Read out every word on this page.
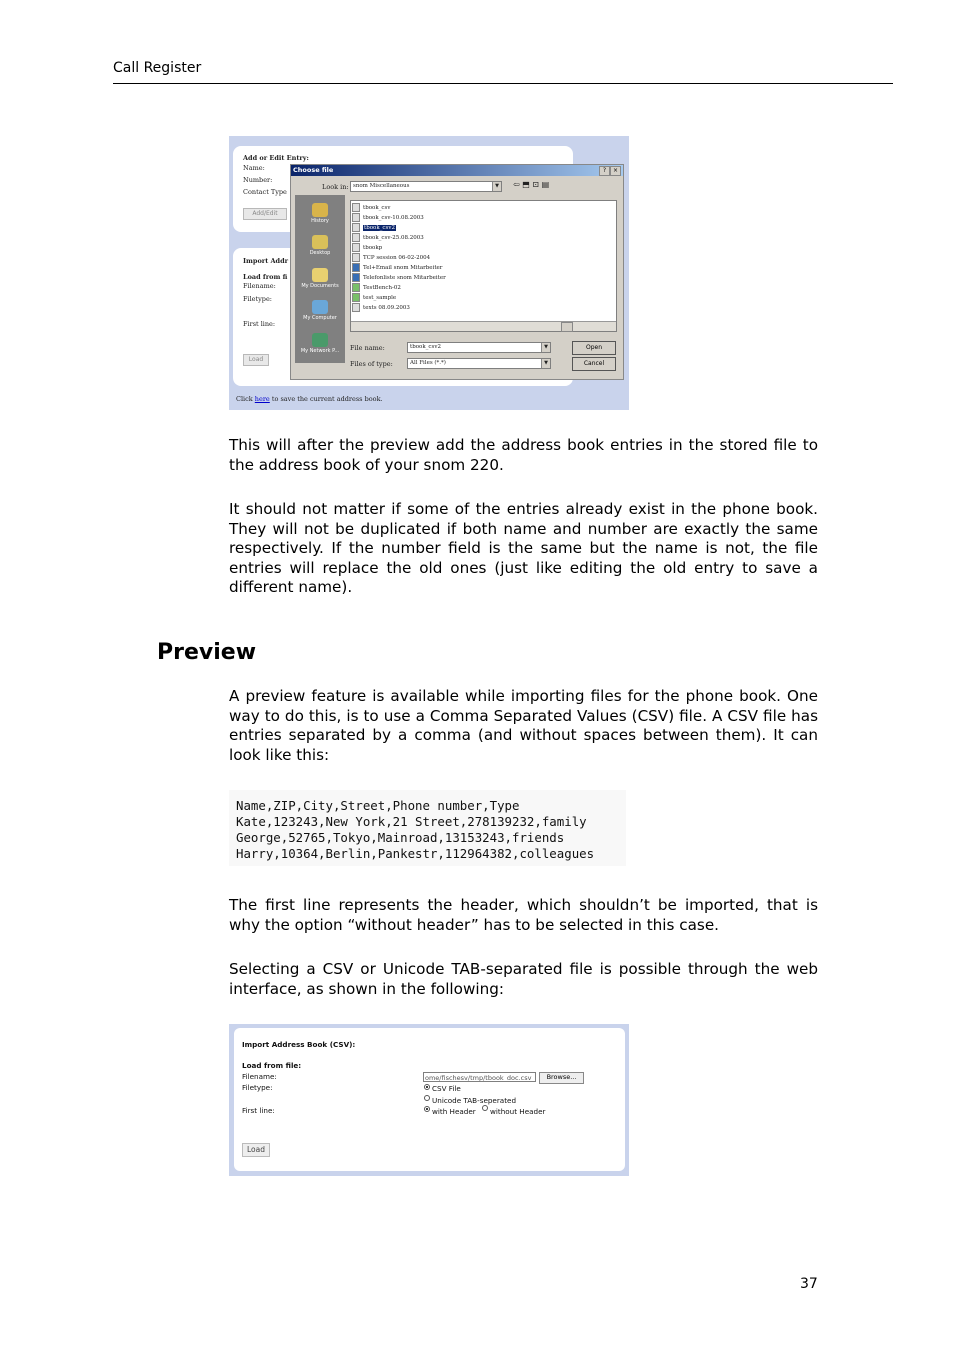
Call Register
Add or Edit Entry:
Name:
Number:
Contact Type
Add/Edit
Import Addr
Load from fi
Filename:
Filetype:
First line:
Load
Click here to save the current address book.
Choose file	?	×
Look in: snom Miscellaneous	▼ ⇦ ⬒ ⊡ ▤
History
Desktop
My Documents
My Computer
My Network P...
tbook_csv
tbook_csv-10.08.2003
tbook_csv2
tbook_csv-25.08.2003
tbookp
TCP session 06-02-2004
Tel+Email snom Mitarbeiter
Telefonliste snom Mitarbeiter
TestBench-02
test_sample
texts 08.09.2003
File name:	tbook_csv2	▼
Files of type:	All Files (*.*)	▼
Open
Cancel
This will after the preview add the address book entries in the stored file to the address book of your snom 220.
It should not matter if some of the entries already exist in the phone book. They will not be duplicated if both name and number are exactly the same respectively. If the number field is the same but the name is not, the file entries will replace the old ones (just like editing the old entry to save a different name).
Preview
A preview feature is available while importing files for the phone book. One way to do this, is to use a Comma Separated Values (CSV) file. A CSV file has entries separated by a comma (and without spaces between them). It can look like this:
Name,ZIP,City,Street,Phone number,Type
Kate,123243,New York,21 Street,278139232,family
George,52765,Tokyo,Mainroad,13153243,friends
Harry,10364,Berlin,Pankestr,112964382,colleagues
The first line represents the header, which shouldn’t be imported, that is why the option “without header” has to be selected in this case.
Selecting a CSV or Unicode TAB-separated file is possible through the web interface, as shown in the following:
Import Address Book (CSV):
Load from file:
Filename:	ome/fischesv/tmp/tbook_doc.csv	Browse...
Filetype:	CSV File
Unicode TAB-seperated
First line:	with Header without Header
Load
37
